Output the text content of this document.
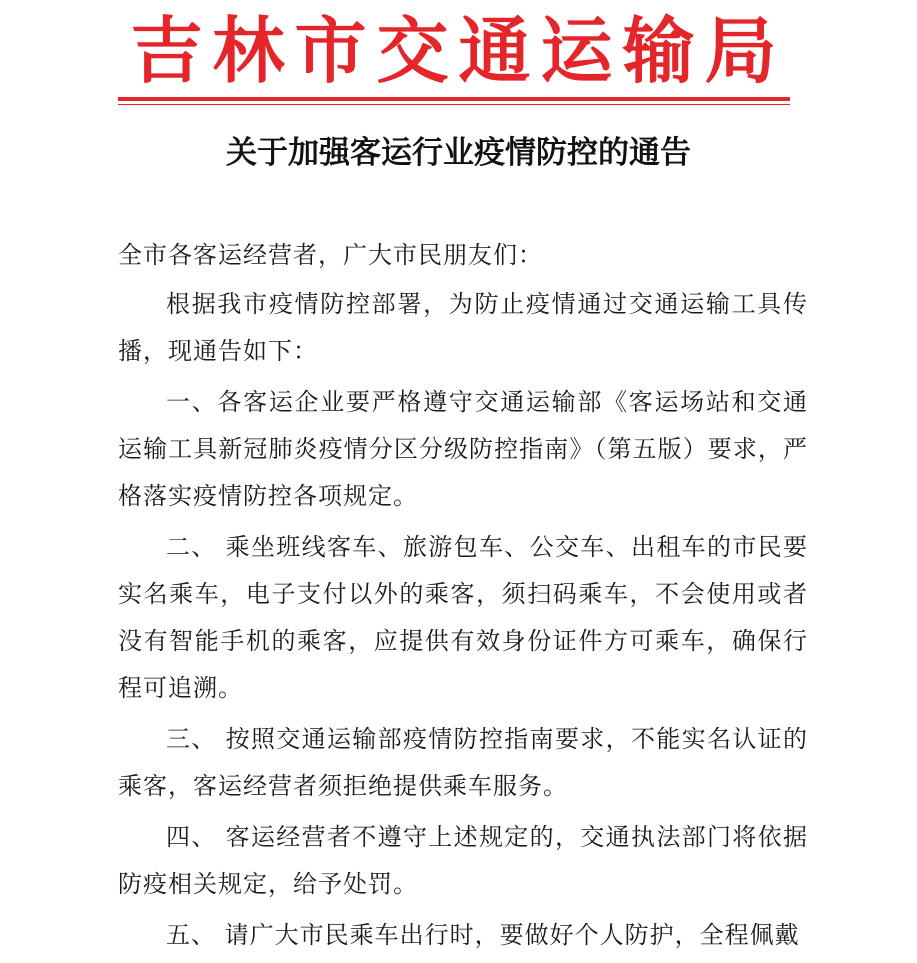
吉林市交通运输局
关于加强客运行业疫情防控的通告

全市各客运经营者，广大市民朋友们：

根据我市疫情防控部署，为防止疫情通过交通运输工具传播，现通告如下：

一、各客运企业要严格遵守交通运输部《客运场站和交通运输工具新冠肺炎疫情分区分级防控指南》（第五版）要求，严格落实疫情防控各项规定。

二、 乘坐班线客车、旅游包车、公交车、出租车的市民要实名乘车，电子支付以外的乘客，须扫码乘车，不会使用或者没有智能手机的乘客，应提供有效身份证件方可乘车，确保行程可追溯。

三、 按照交通运输部疫情防控指南要求，不能实名认证的乘客，客运经营者须拒绝提供乘车服务。

四、 客运经营者不遵守上述规定的，交通执法部门将依据防疫相关规定，给予处罚。

五、 请广大市民乘车出行时，要做好个人防护，全程佩戴
